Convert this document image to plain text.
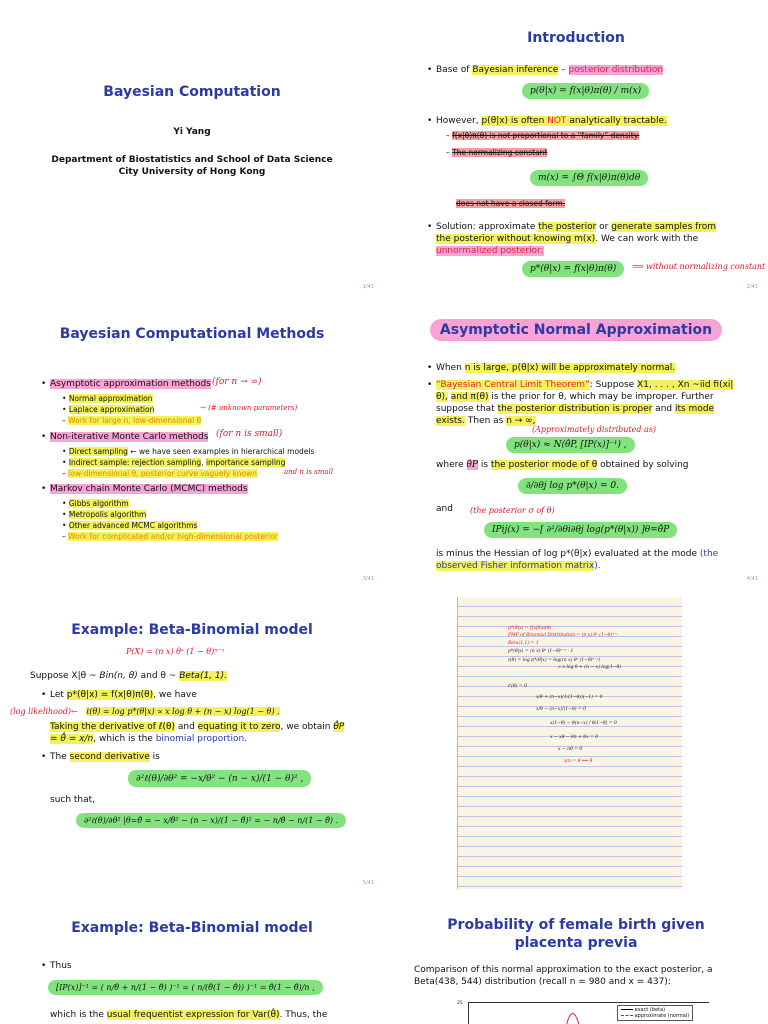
Bayesian Computation
Yi Yang
Department of Biostatistics and School of Data Science
City University of Hong Kong
1/41
Introduction
• Base of Bayesian inference – posterior distribution
p(θ|x) = f(x|θ)π(θ) / m(x)
• However, p(θ|x) is often NOT analytically tractable.
– f(x|θ)π(θ) is not proportional to a “family” density.
– The normalizing constant
m(x) = ∫Θ f(x|θ)π(θ)dθ
does not have a closed form.
• Solution: approximate the posterior or generate samples from the posterior without knowing m(x). We can work with the unnormalized posterior:
p*(θ|x) = f(x|θ)π(θ)	⟹ without normalizing constant
2/41
Bayesian Computational Methods
• Asymptotic approximation methods (for n → ∞)
• Normal approximation
• Laplace approximation	→ (# unknown parameters)
– Work for large n, low-dimensional θ
• Non-iterative Monte Carlo methods (for n is small)
• Direct sampling ← we have seen examples in hierarchical models
• Indirect sample: rejection sampling, importance sampling
– low-dimensional θ, posterior curve vaguely known	and n is small
• Markov chain Monte Carlo (MCMC) methods
• Gibbs algorithm
• Metropolis algorithm
• Other advanced MCMC algorithms
– Work for complicated and/or high-dimensional posterior
3/41
Asymptotic Normal Approximation
• When n is large, p(θ|x) will be approximately normal.
• “Bayesian Central Limit Theorem”: Suppose X1, . . . , Xn ~iid fi(xi|θ), and π(θ) is the prior for θ, which may be improper. Further suppose that the posterior distribution is proper and its mode exists. Then as n → ∞,
(Approximately distributed as)
p(θ|x) ≈ N(θ̂P, [IP(x)]⁻¹) ,
where θ̂P is the posterior mode of θ obtained by solving
∂/∂θj log p*(θ|x) = 0.
and (the posterior σ of θ)
IPij(x) = −[ ∂²/∂θi∂θj log(p*(θ|x)) ]θ=θ̂P
is minus the Hessian of log p*(θ|x) evaluated at the mode (the observed Fisher information matrix).
4/41
Example: Beta-Binomial model
P(X) = (n x) θˣ (1 − θ)ⁿ⁻ˣ
Suppose X|θ ~ Bin(n, θ) and θ ~ Beta(1, 1).
• Let p*(θ|x) = f(x|θ)π(θ), we have
(log likelihood)← ℓ(θ) = log p*(θ|x) ∝ x log θ + (n − x) log(1 − θ) .
Taking the derivative of ℓ(θ) and equating it to zero, we obtain θ̂P = θ̂ = x/n, which is the binomial proportion.
• The second derivative is
∂²ℓ(θ)/∂θ² = −x/θ² − (n − x)/(1 − θ)² ,
such that,
∂²ℓ(θ)/∂θ² |θ=θ̂ = − x/θ̂² − (n − x)/(1 − θ̂)² = − n/θ̂ − n/(1 − θ̂) .
5/41
p*(θ|x) = f(x|θ)π(θ)
PMF of Binomial Distribution = (n x) θˣ (1−θ)ⁿ⁻ˣ
Beta(1,1) = 1
p*(θ|x) = (n x) θˣ (1−θ)ⁿ⁻ˣ · 1
ℓ(θ) = log p*(θ|x) = log((n x) θˣ (1−θ)ⁿ⁻ˣ)
∝ x log θ + (n − x) log(1−θ)
ℓ'(θ) = 0
x/θ + (n−x)(1/(1−θ))(−1) = 0
x/θ − (n−x)/(1−θ) = 0
x(1−θ) − θ(n−x) / θ(1−θ) = 0
x − xθ − θn + θx = 0
x − nθ = 0
x/n = θ ⟹ θ̂
Example: Beta-Binomial model
• Thus
[IP(x)]⁻¹ = ( n/θ̂ + n/(1 − θ̂) )⁻¹ = ( n/(θ̂(1 − θ̂)) )⁻¹ = θ̂(1 − θ̂)/n ,
which is the usual frequentist expression for Var(θ̂). Thus, the
Probability of female birth given placenta previa
Comparison of this normal approximation to the exact posterior, a Beta(438, 544) distribution (recall n = 980 and x = 437):
25
exact (beta)
approximate (normal)
